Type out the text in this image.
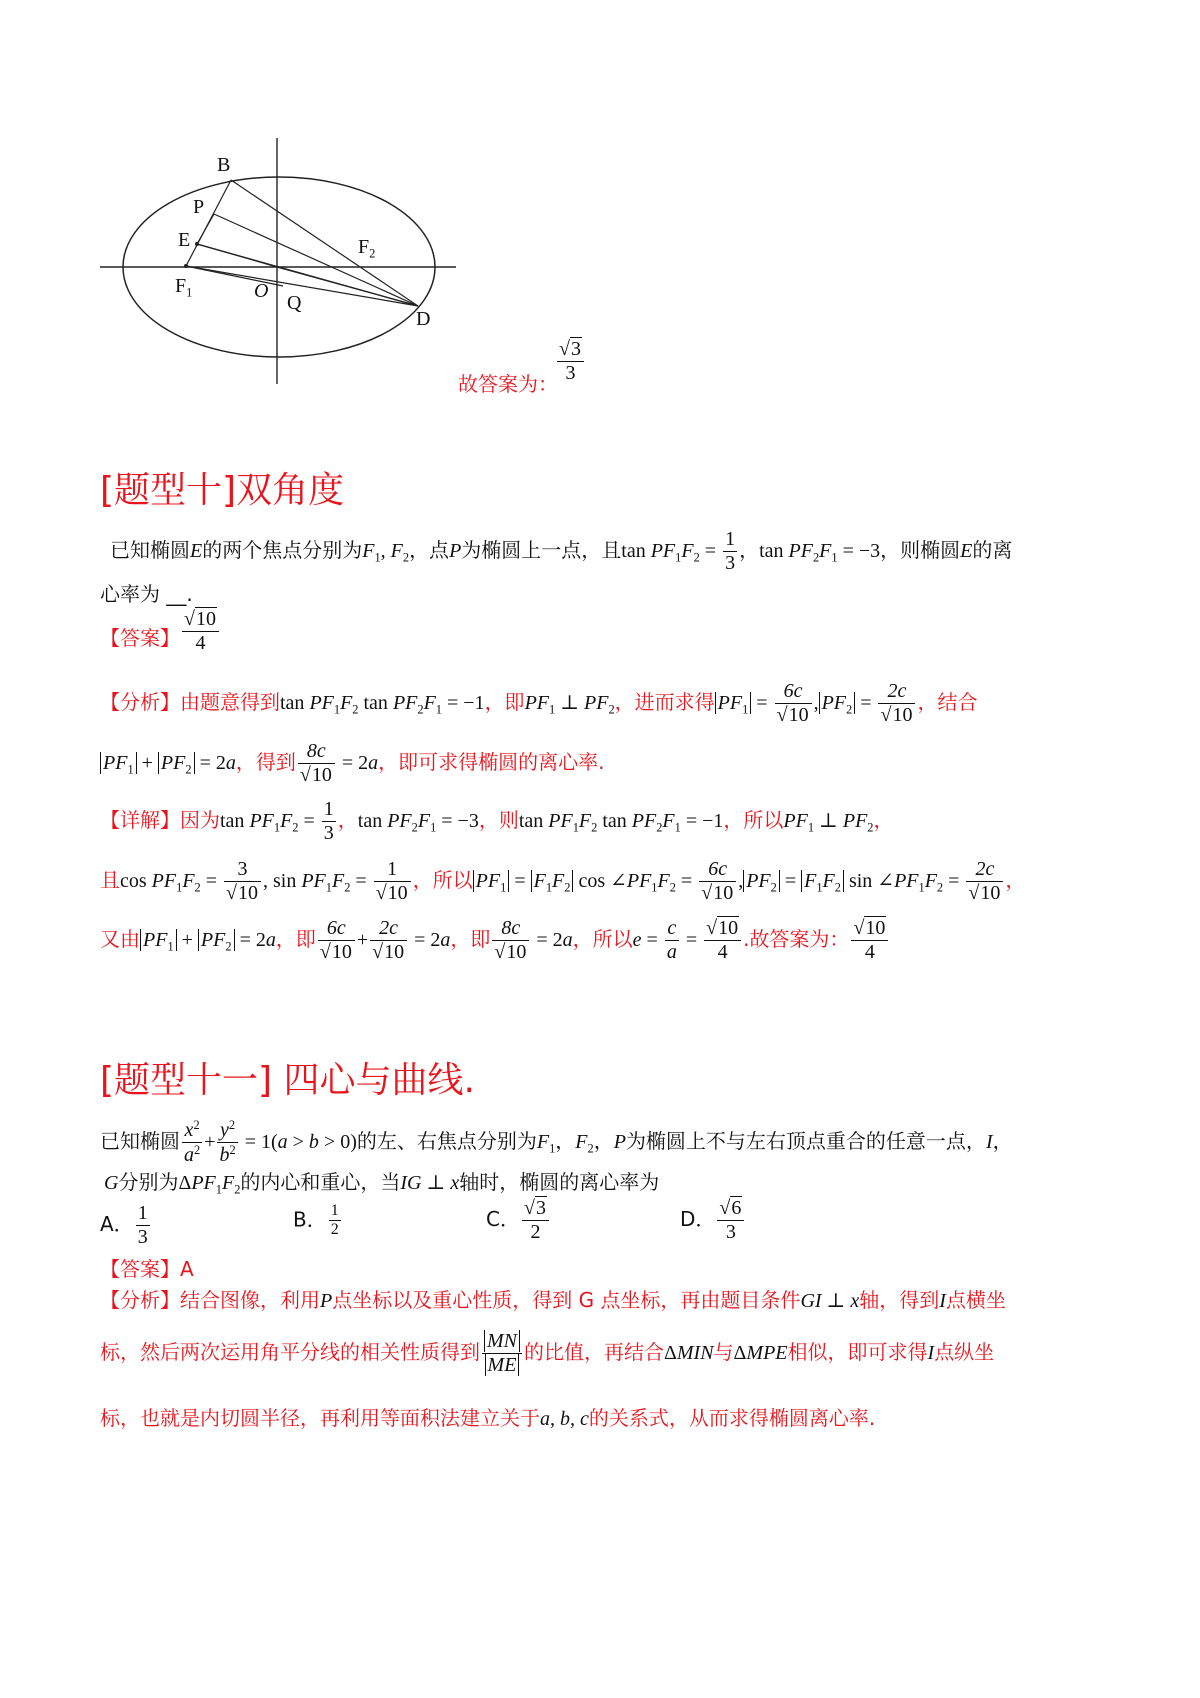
B
P
E
$F_1$
$F_2$
O
Q
D
故答案为： $\frac{√3}{3}$
[题型十]双角度
已知椭圆E的两个焦点分别为$F_1$, $F_2$，点P为椭圆上一点，且$\tan PF_1F_2 = \frac{1}{3}$ ，$\tan PF_2F_1 = -3$，则椭圆E的离
心率为 __.
【答案】 $\frac{√10}{4}$
【分析】由题意得到$\tan PF_1F_2$ $\tan PF_2F_1 = -1$，即$PF_1$ ⊥ $PF_2$，进而求得 $PF_1 = \frac{6c}{√10}$ , $PF_2 = \frac{2c}{√10}$ ，结合
$PF_1 + PF_2 = 2a$，得到 $\frac{8c}{√10} = 2a$，即可求得椭圆的离心率.
【详解】因为$\tan PF_1F_2 = \frac{1}{3}$ ，$\tan PF_2F_1 = -3$，则$\tan PF_1F_2$ $\tan PF_2F_1 = -1$，所以$PF_1$ ⊥ $PF_2$，
且$\cos PF_1F_2 = \frac{3}{√10}$ , $\sin PF_1F_2 = \frac{1}{√10}$ ，所以 $PF_1 = F_1F_2$ $\cos \angle PF_1F_2 = \frac{6c}{√10}$ , $PF_2 = F_1F_2$ $\sin \angle PF_1F_2 = \frac{2c}{√10}$ ，
又由 $PF_1 + PF_2 = 2a$，即 $\frac{6c}{√10} + \frac{2c}{√10} = 2a$，即 $\frac{8c}{√10} = 2a$，所以$e = \frac{c}{a} = \frac{√10}{4}$ .故答案为： $\frac{√10}{4}$
[题型十一] 四心与曲线.
已知椭圆 $\frac{x^2}{a^2} + \frac{y^2}{b^2} = 1(a > b > 0)$的左、右焦点分别为$F_1$，$F_2$，P为椭圆上不与左右顶点重合的任意一点，I，
G分别为$\Delta PF_1F_2$的内心和重心，当IG ⊥ x轴时，椭圆的离心率为
A． $\frac{1}{3}$	B． $\frac{1}{2}$	C． $\frac{√3}{2}$	D． $\frac{√6}{3}$
【答案】A
【分析】结合图像，利用P点坐标以及重心性质，得到 G 点坐标，再由题目条件GI ⊥ x轴，得到I点横坐
标，然后两次运用角平分线的相关性质得到 $\frac{MN}{ME}$ 的比值，再结合ΔMIN与ΔMPE相似，即可求得I点纵坐
标，也就是内切圆半径，再利用等面积法建立关于a, b, c的关系式，从而求得椭圆离心率.
